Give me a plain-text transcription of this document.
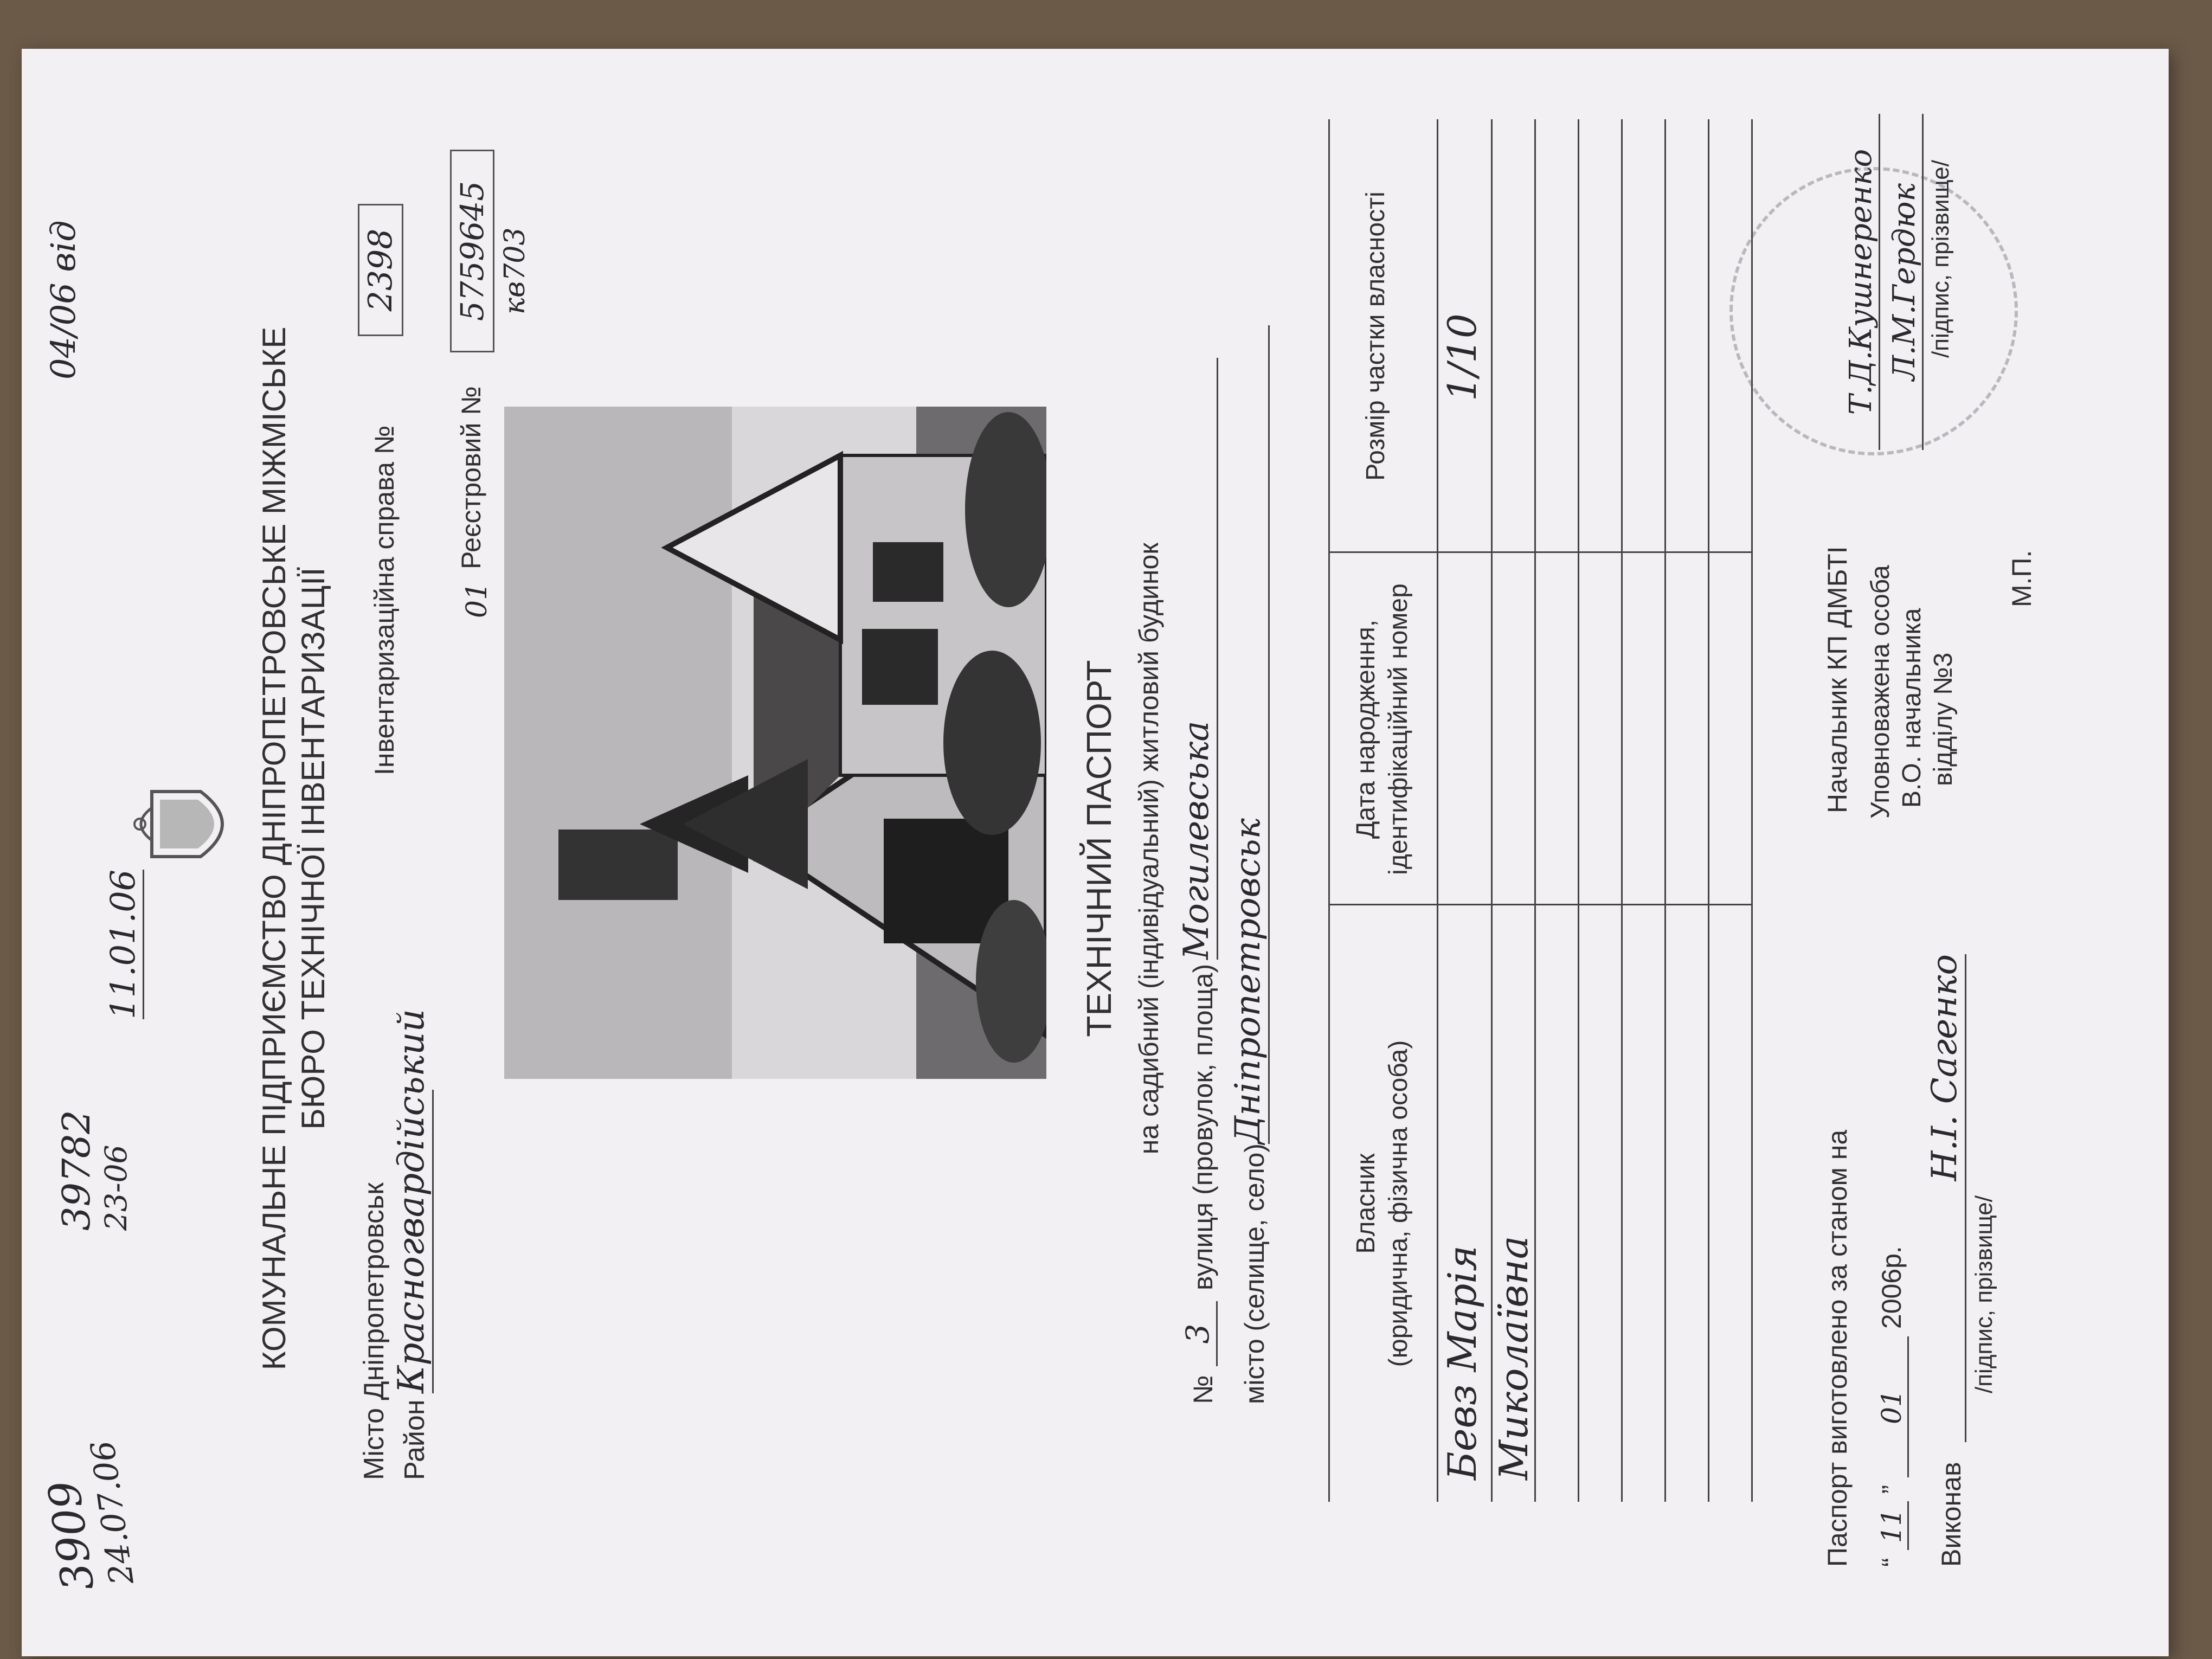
3909
24.07.06
39782 23-06
11.01.06
04/06 від
КОМУНАЛЬНЕ ПІДПРИЄМСТВО ДНІПРОПЕТРОВСЬКЕ МІЖМІСЬКЕ БЮРО ТЕХНІЧНОЇ ІНВЕНТАРИЗАЦІЇ
Місто Дніпропетровськ Район
Красногвардійський
Інвентаризаційна справа №
2398
01
Реєстровий №
5759645 кв703
ТЕХНІЧНИЙ ПАСПОРТ на садибний (індивідуальний) житловий будинок
№
3
вулиця (провулок, площа)
Могилевська
місто (селище, село)
Дніпропетровськ
Власник
(юридична, фізична особа)
Дата народження,
ідентифікаційний номер
Розмір частки власності
Бевз Марія
1/10
Миколаївна	Паспорт виготовлено за станом на “ 11 ” 01 2006р.
Виконав
Н.І. Сагенко
/підпис, прізвище/
Начальник КП ДМБТІ Уповноважена особа В.О. начальника відділу №3
Т.Д.Кушнеренко Л.М.Гердюк /підпис, прізвище/
М.П.
